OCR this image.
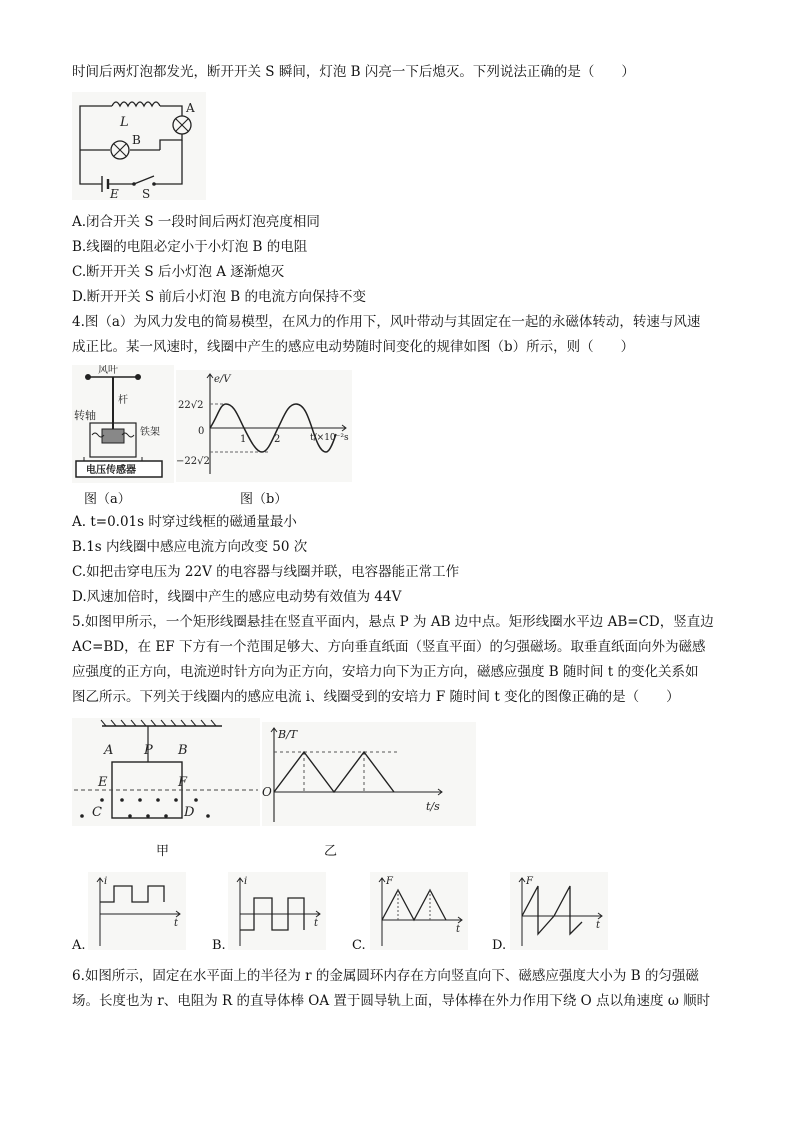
时间后两灯泡都发光，断开开关 S 瞬间，灯泡 B 闪亮一下后熄灭。下列说法正确的是（　　）
L
A
B
E S
A.闭合开关 S 一段时间后两灯泡亮度相同
B.线圈的电阻必定小于小灯泡 B 的电阻
C.断开开关 S 后小灯泡 A 逐渐熄灭
D.断开开关 S 前后小灯泡 B 的电流方向保持不变
4.图（a）为风力发电的简易模型，在风力的作用下，风叶带动与其固定在一起的永磁体转动，转速与风速
成正比。某一风速时，线圈中产生的感应电动势随时间变化的规律如图（b）所示，则（　　）
风叶
杆
转轴
铁架
电压传感器
e/V
22√2
0
−22√2
1	2	t/×10⁻²s
图（a）	图（b）
A. t=0.01s 时穿过线框的磁通量最小
B.1s 内线圈中感应电流方向改变 50 次
C.如把击穿电压为 22V 的电容器与线圈并联，电容器能正常工作
D.风速加倍时，线圈中产生的感应电动势有效值为 44V
5.如图甲所示，一个矩形线圈悬挂在竖直平面内，悬点 P 为 AB 边中点。矩形线圈水平边 AB=CD，竖直边
AC=BD，在 EF 下方有一个范围足够大、方向垂直纸面（竖直平面）的匀强磁场。取垂直纸面向外为磁感
应强度的正方向，电流逆时针方向为正方向，安培力向下为正方向，磁感应强度 B 随时间 t 的变化关系如
图乙所示。下列关于线圈内的感应电流 i、线圈受到的安培力 F 随时间 t 变化的图像正确的是（　　）
A P B
E	F
C	D
B/T
O
t/s
甲	乙
A.
i
t
B.
i
t
C.
F
t
D.
F
t
6.如图所示，固定在水平面上的半径为 r 的金属圆环内存在方向竖直向下、磁感应强度大小为 B 的匀强磁
场。长度也为 r、电阻为 R 的直导体棒 OA 置于圆导轨上面，导体棒在外力作用下绕 O 点以角速度 ω 顺时
